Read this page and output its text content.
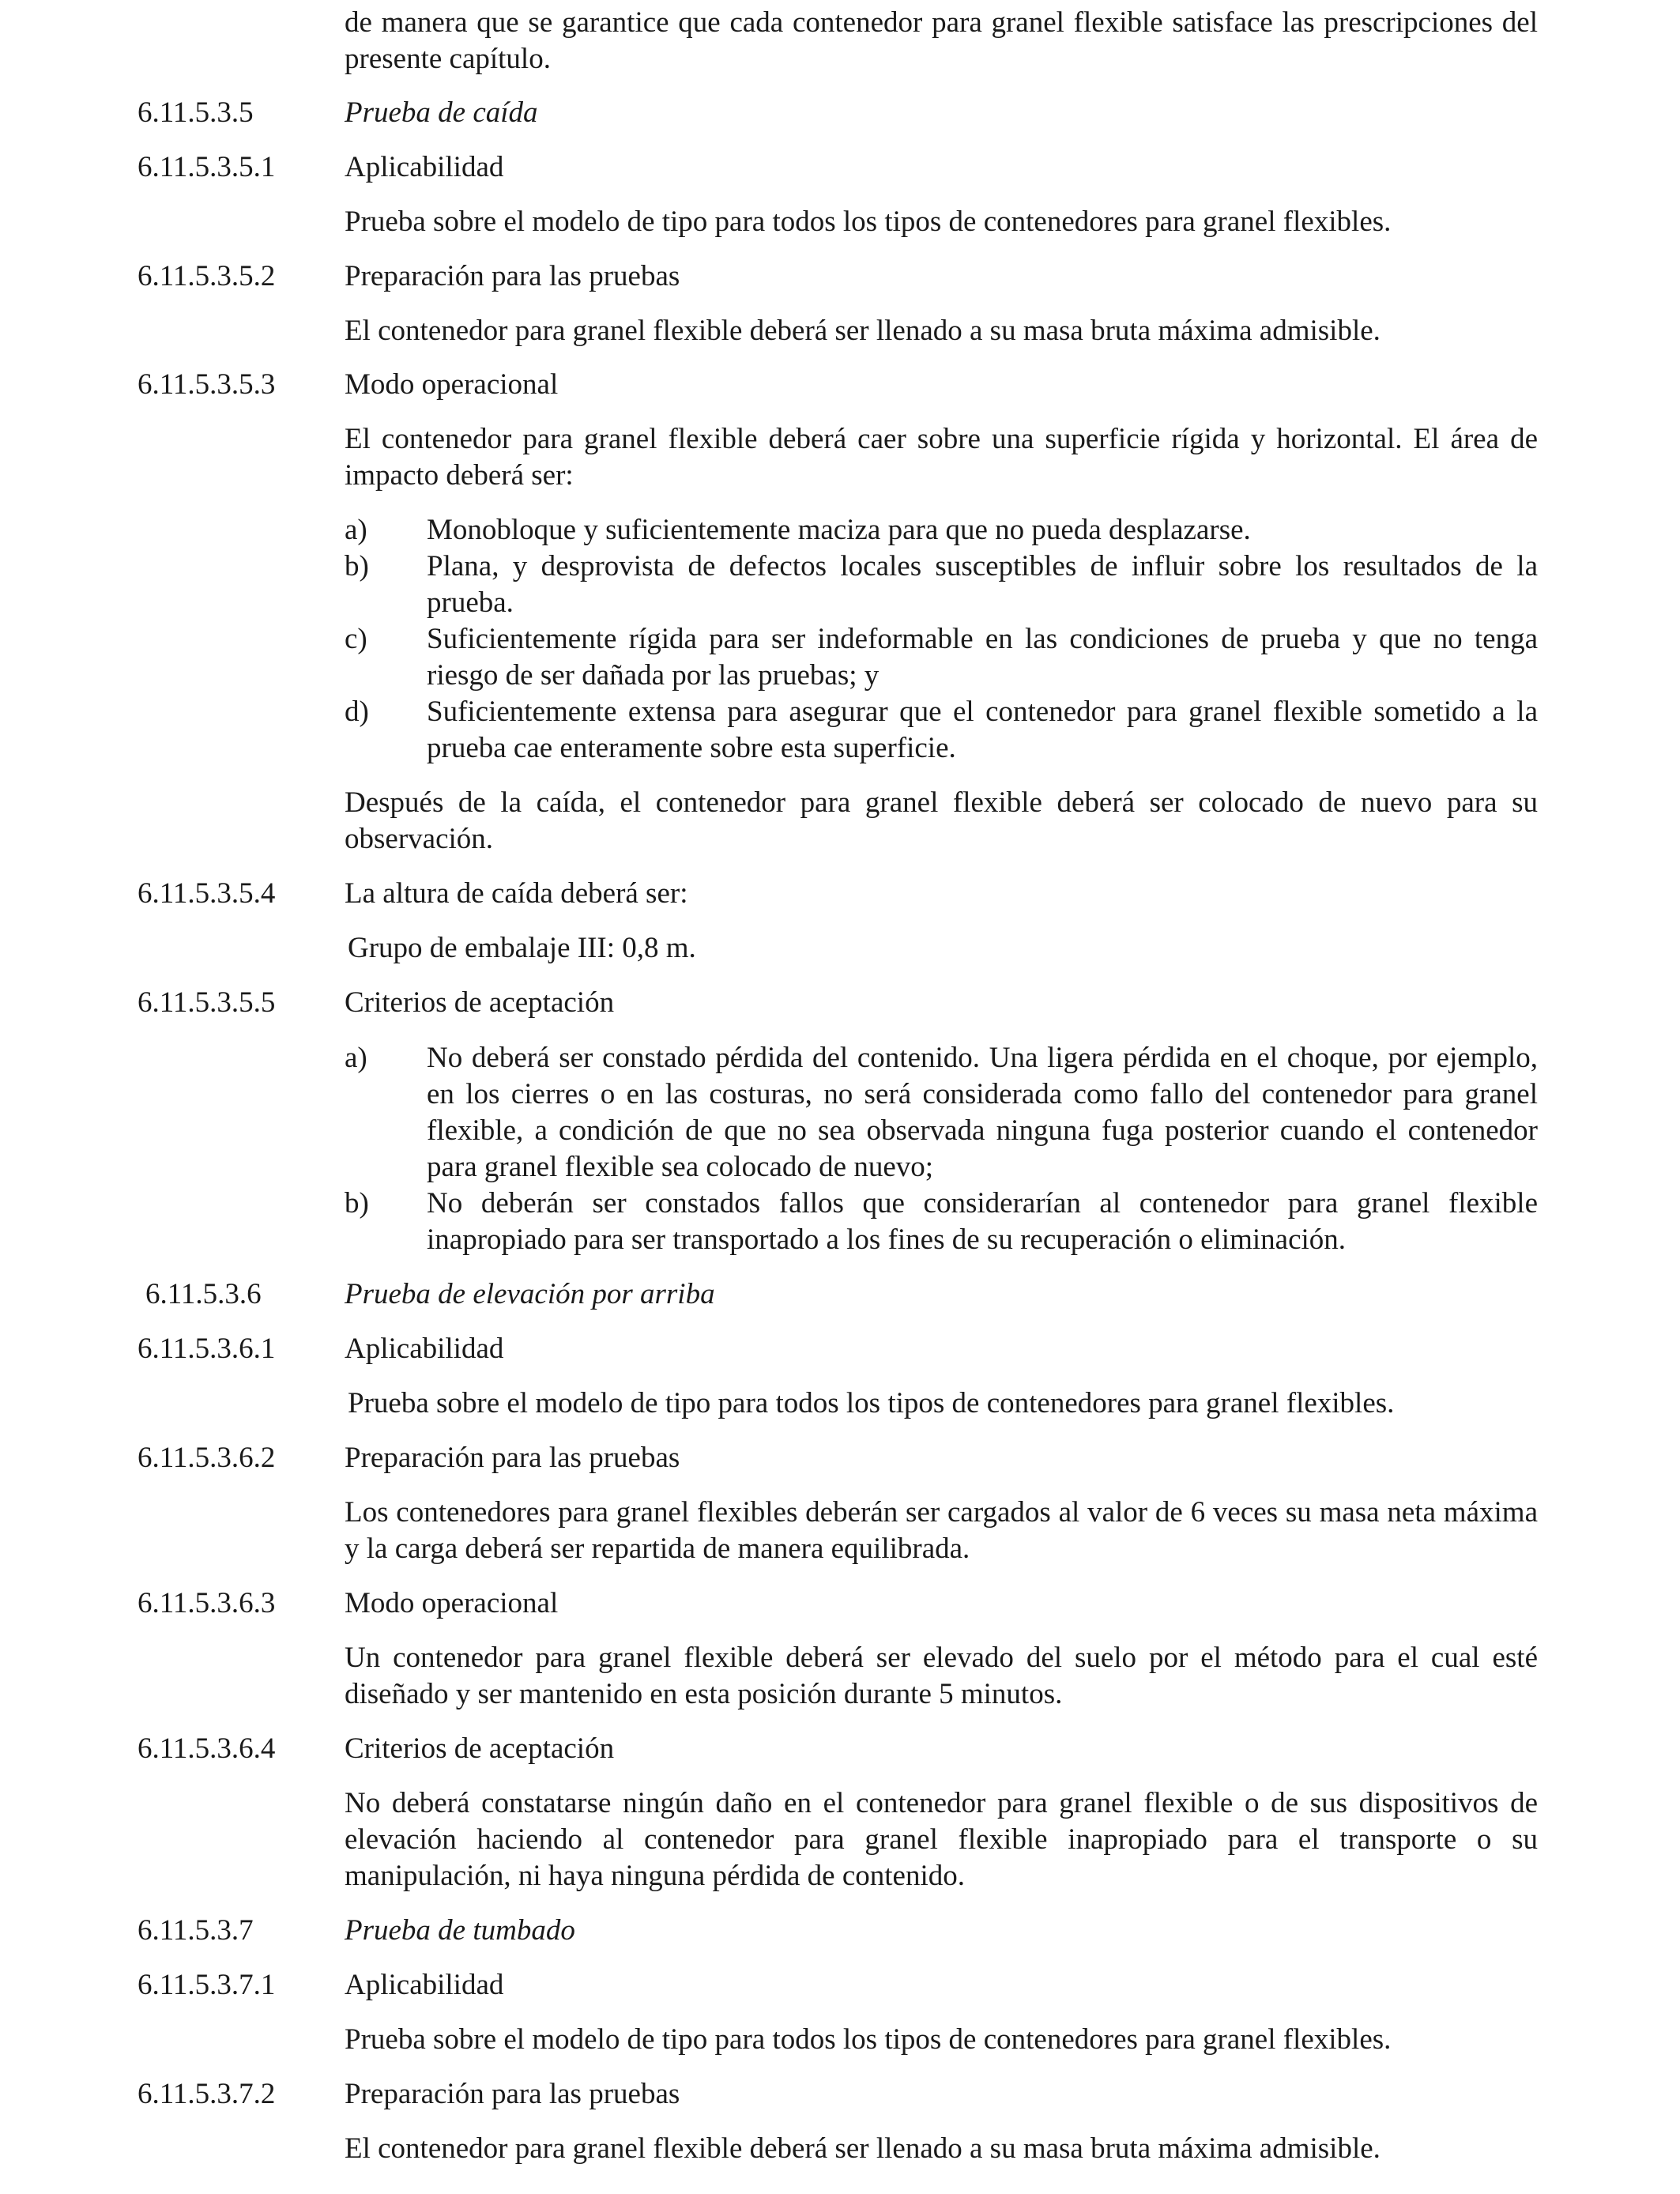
de manera que se garantice que cada contenedor para granel flexible satisface las prescripciones del presente capítulo.
6.11.5.3.5	Prueba de caída
6.11.5.3.5.1 Aplicabilidad
Prueba sobre el modelo de tipo para todos los tipos de contenedores para granel flexibles.
6.11.5.3.5.2 Preparación para las pruebas
El contenedor para granel flexible deberá ser llenado a su masa bruta máxima admisible.
6.11.5.3.5.3 Modo operacional
El contenedor para granel flexible deberá caer sobre una superficie rígida y horizontal. El área de impacto deberá ser:
a) Monobloque y suficientemente maciza para que no pueda desplazarse.
b) Plana, y desprovista de defectos locales susceptibles de influir sobre los resultados de la prueba.
c) Suficientemente rígida para ser indeformable en las condiciones de prueba y que no tenga riesgo de ser dañada por las pruebas; y
d) Suficientemente extensa para asegurar que el contenedor para granel flexible sometido a la prueba cae enteramente sobre esta superficie.
Después de la caída, el contenedor para granel flexible deberá ser colocado de nuevo para su observación.
6.11.5.3.5.4 La altura de caída deberá ser:
Grupo de embalaje III: 0,8 m.
6.11.5.3.5.5 Criterios de aceptación
a) No deberá ser constado pérdida del contenido. Una ligera pérdida en el choque, por ejemplo, en los cierres o en las costuras, no será considerada como fallo del contenedor para granel flexible, a condición de que no sea observada ninguna fuga posterior cuando el contenedor para granel flexible sea colocado de nuevo;
b) No deberán ser constados fallos que considerarían al contenedor para granel flexible inapropiado para ser transportado a los fines de su recuperación o eliminación.
6.11.5.3.6	Prueba de elevación por arriba
6.11.5.3.6.1 Aplicabilidad
Prueba sobre el modelo de tipo para todos los tipos de contenedores para granel flexibles.
6.11.5.3.6.2 Preparación para las pruebas
Los contenedores para granel flexibles deberán ser cargados al valor de 6 veces su masa neta máxima y la carga deberá ser repartida de manera equilibrada.
6.11.5.3.6.3 Modo operacional
Un contenedor para granel flexible deberá ser elevado del suelo por el método para el cual esté diseñado y ser mantenido en esta posición durante 5 minutos.
6.11.5.3.6.4 Criterios de aceptación
No deberá constatarse ningún daño en el contenedor para granel flexible o de sus dispositivos de elevación haciendo al contenedor para granel flexible inapropiado para el transporte o su manipulación, ni haya ninguna pérdida de contenido.
6.11.5.3.7	Prueba de tumbado
6.11.5.3.7.1 Aplicabilidad
Prueba sobre el modelo de tipo para todos los tipos de contenedores para granel flexibles.
6.11.5.3.7.2 Preparación para las pruebas
El contenedor para granel flexible deberá ser llenado a su masa bruta máxima admisible.
